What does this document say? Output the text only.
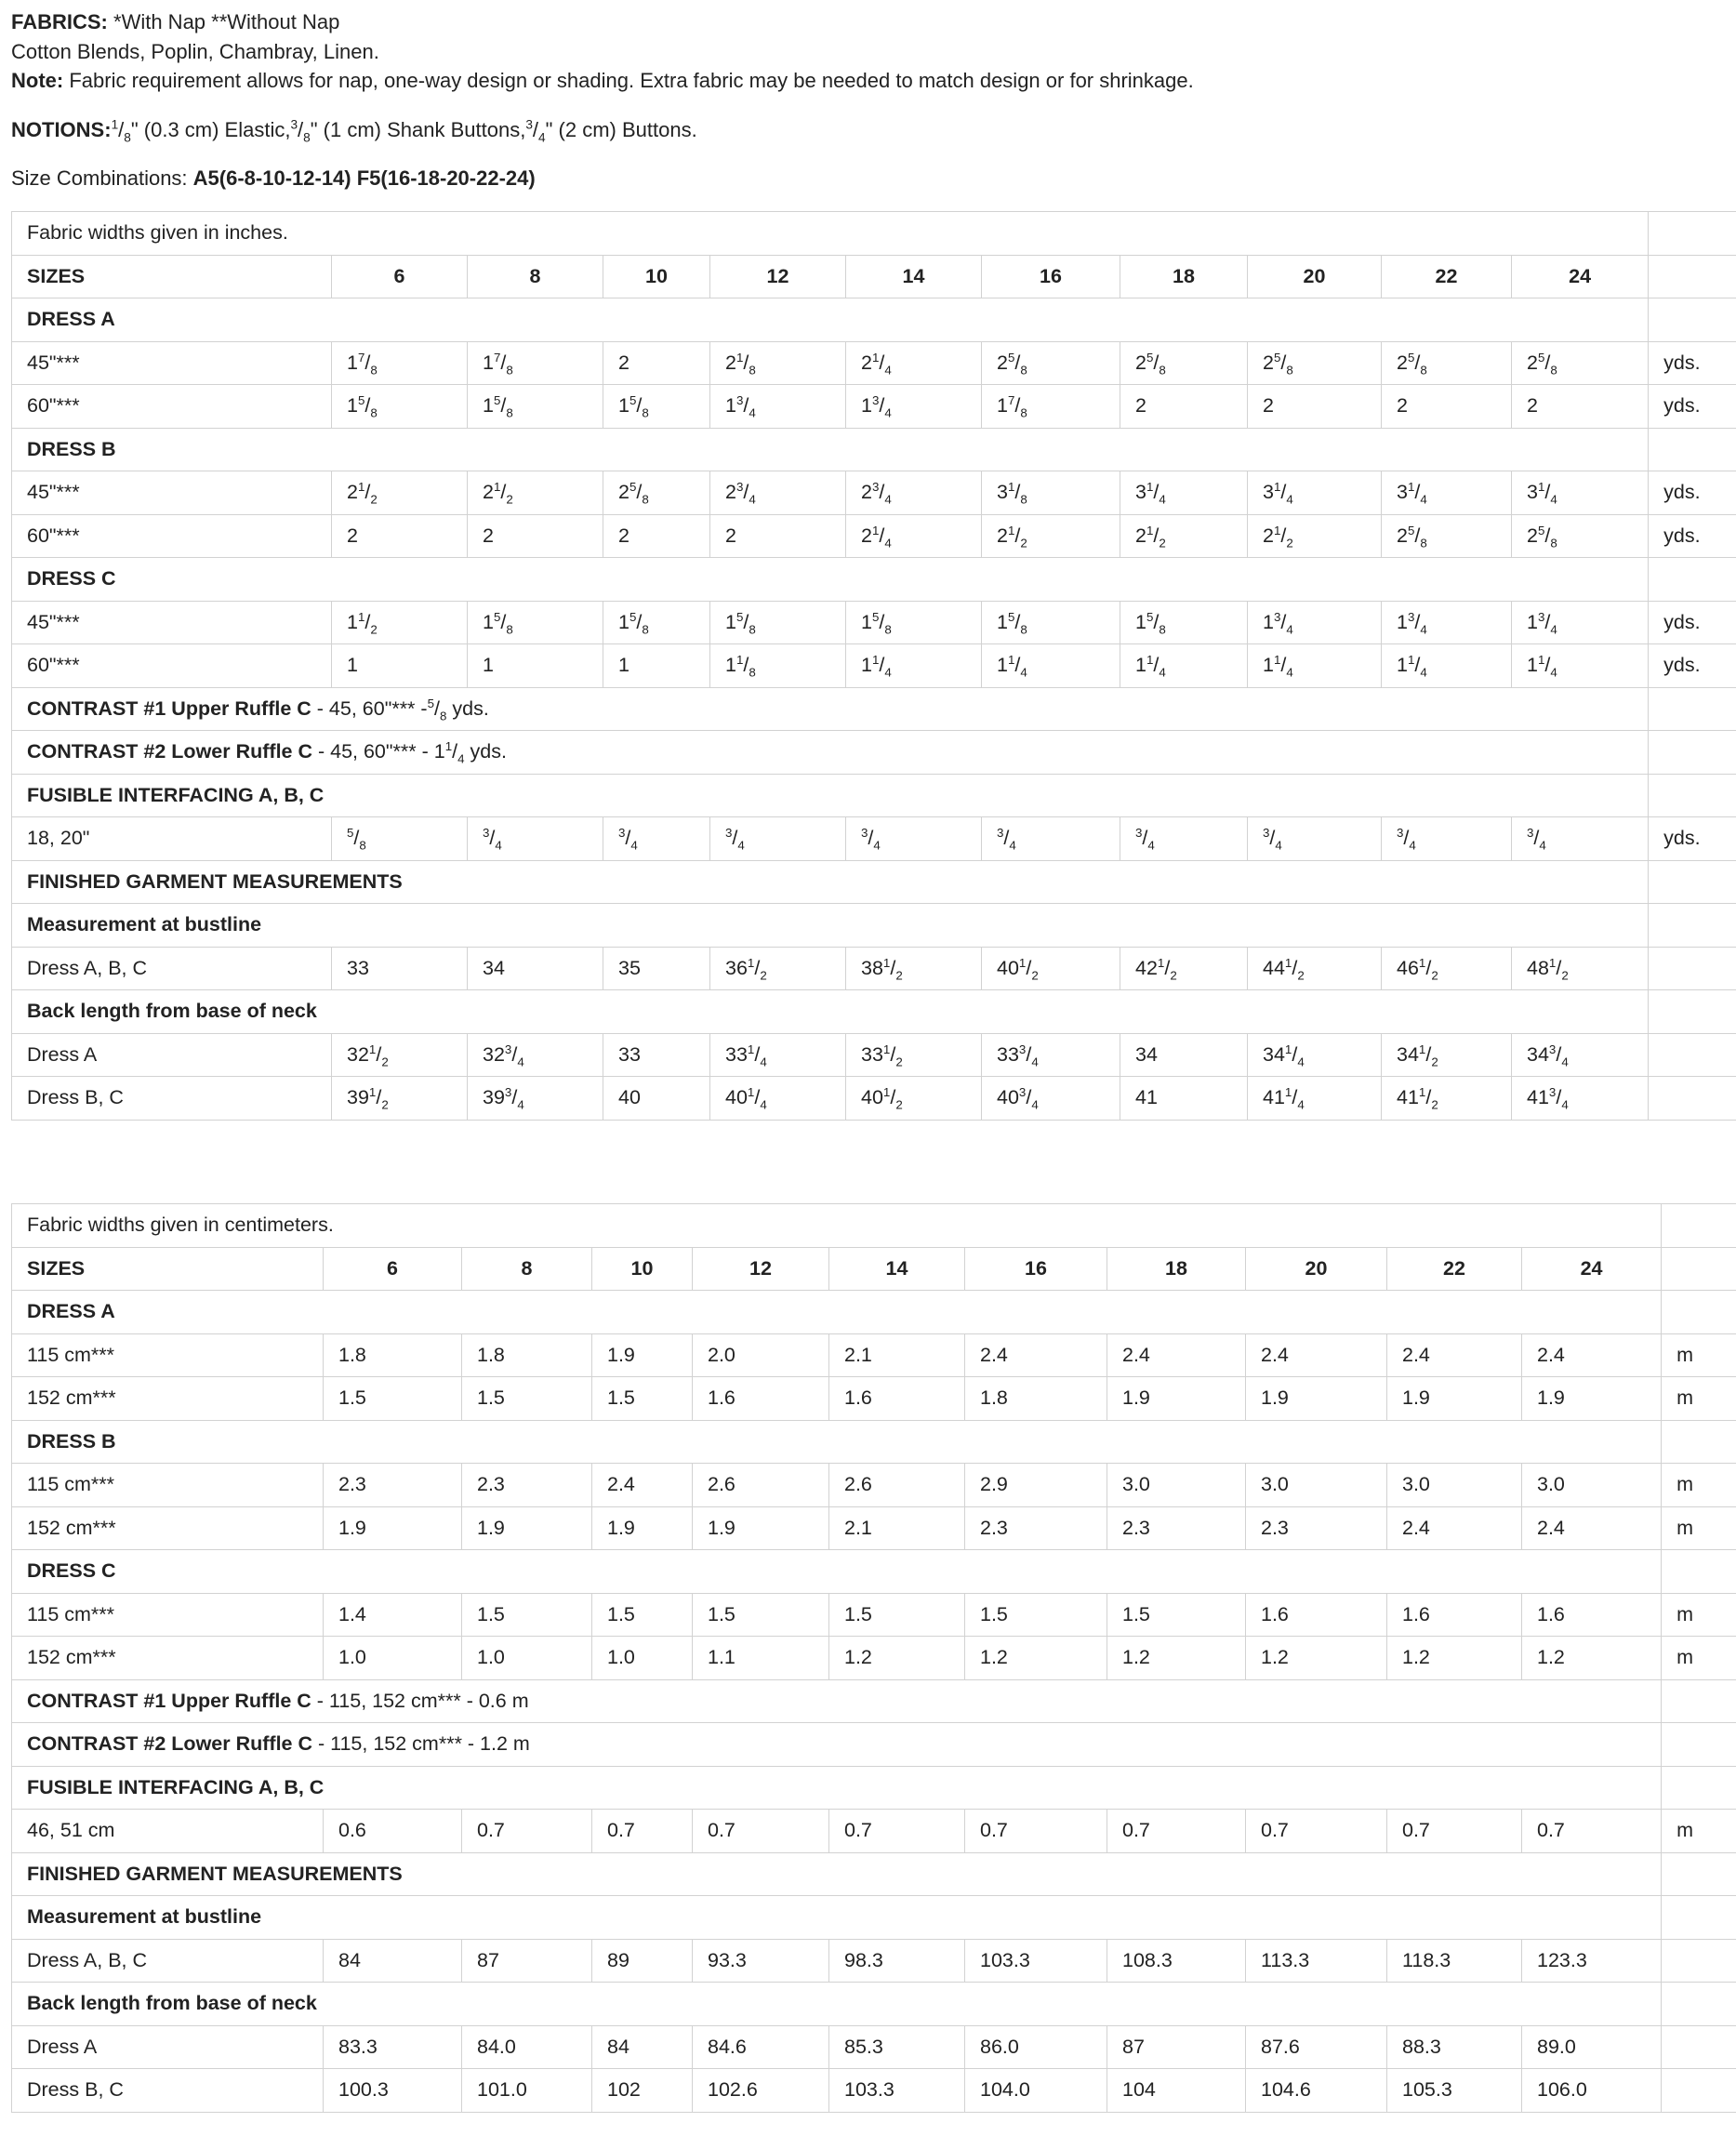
FABRICS: *With Nap **Without Nap

Cotton Blends, Poplin, Chambray, Linen.

Note: Fabric requirement allows for nap, one-way design or shading. Extra fabric may be needed to match design or for shrinkage.

$NOTIONS:^1/_8$" (0.3 cm) $Elastic,^3/_8$" (1 cm) Shank $Buttons,^3/_4$" (2 cm) Buttons.

Size Combinations: A5(6-8-10-12-14) F5(16-18-20-22-24)

Fabric widths given in inches.											
SIZES	6	8	10	12	14	16	18	20	22	24	
DRESS A											
45"***	$1^7/_8$	$1^7/_8$	2	$2^1/_8$	$2^1/_4$	$2^5/_8$	$2^5/_8$	$2^5/_8$	$2^5/_8$	$2^5/_8$	yds.
60"***	$1^5/_8$	$1^5/_8$	$1^5/_8$	$1^3/_4$	$1^3/_4$	$1^7/_8$	2	2	2	2	yds.
DRESS B											
45"***	$2^1/_2$	$2^1/_2$	$2^5/_8$	$2^3/_4$	$2^3/_4$	$3^1/_8$	$3^1/_4$	$3^1/_4$	$3^1/_4$	$3^1/_4$	yds.
60"***	2	2	2	2	$2^1/_4$	$2^1/_2$	$2^1/_2$	$2^1/_2$	$2^5/_8$	$2^5/_8$	yds.
DRESS C											
45"***	$1^1/_2$	$1^5/_8$	$1^5/_8$	$1^5/_8$	$1^5/_8$	$1^5/_8$	$1^5/_8$	$1^3/_4$	$1^3/_4$	$1^3/_4$	yds.
60"***	1	1	1	$1^1/_8$	$1^1/_4$	$1^1/_4$	$1^1/_4$	$1^1/_4$	$1^1/_4$	$1^1/_4$	yds.
CONTRAST #1 Upper Ruffle C - 45, 60"*** $-^5/_8$ yds.											
CONTRAST #2 Lower Ruffle C - 45, 60"*** - $1^1/_4$ yds.											
FUSIBLE INTERFACING A, B, C											
18, 20"	$^5/_8$	$^3/_4$	$^3/_4$	$^3/_4$	$^3/_4$	$^3/_4$	$^3/_4$	$^3/_4$	$^3/_4$	$^3/_4$	yds.
FINISHED GARMENT MEASUREMENTS											
Measurement at bustline											
Dress A, B, C	33	34	35	$36^1/_2$	$38^1/_2$	$40^1/_2$	$42^1/_2$	$44^1/_2$	$46^1/_2$	$48^1/_2$	
Back length from base of neck											
Dress A	$32^1/_2$	$32^3/_4$	33	$33^1/_4$	$33^1/_2$	$33^3/_4$	34	$34^1/_4$	$34^1/_2$	$34^3/_4$	
Dress B, C	$39^1/_2$	$39^3/_4$	40	$40^1/_4$	$40^1/_2$	$40^3/_4$	41	$41^1/_4$	$41^1/_2$	$41^3/_4$	
Fabric widths given in centimeters.											
SIZES	6	8	10	12	14	16	18	20	22	24	
DRESS A											
115 cm***	1.8	1.8	1.9	2.0	2.1	2.4	2.4	2.4	2.4	2.4	m
152 cm***	1.5	1.5	1.5	1.6	1.6	1.8	1.9	1.9	1.9	1.9	m
DRESS B											
115 cm***	2.3	2.3	2.4	2.6	2.6	2.9	3.0	3.0	3.0	3.0	m
152 cm***	1.9	1.9	1.9	1.9	2.1	2.3	2.3	2.3	2.4	2.4	m
DRESS C											
115 cm***	1.4	1.5	1.5	1.5	1.5	1.5	1.5	1.6	1.6	1.6	m
152 cm***	1.0	1.0	1.0	1.1	1.2	1.2	1.2	1.2	1.2	1.2	m
CONTRAST #1 Upper Ruffle C - 115, 152 cm*** - 0.6 m											
CONTRAST #2 Lower Ruffle C - 115, 152 cm*** - 1.2 m											
FUSIBLE INTERFACING A, B, C											
46, 51 cm	0.6	0.7	0.7	0.7	0.7	0.7	0.7	0.7	0.7	0.7	m
FINISHED GARMENT MEASUREMENTS											
Measurement at bustline											
Dress A, B, C	84	87	89	93.3	98.3	103.3	108.3	113.3	118.3	123.3	
Back length from base of neck											
Dress A	83.3	84.0	84	84.6	85.3	86.0	87	87.6	88.3	89.0	
Dress B, C	100.3	101.0	102	102.6	103.3	104.0	104	104.6	105.3	106.0	
